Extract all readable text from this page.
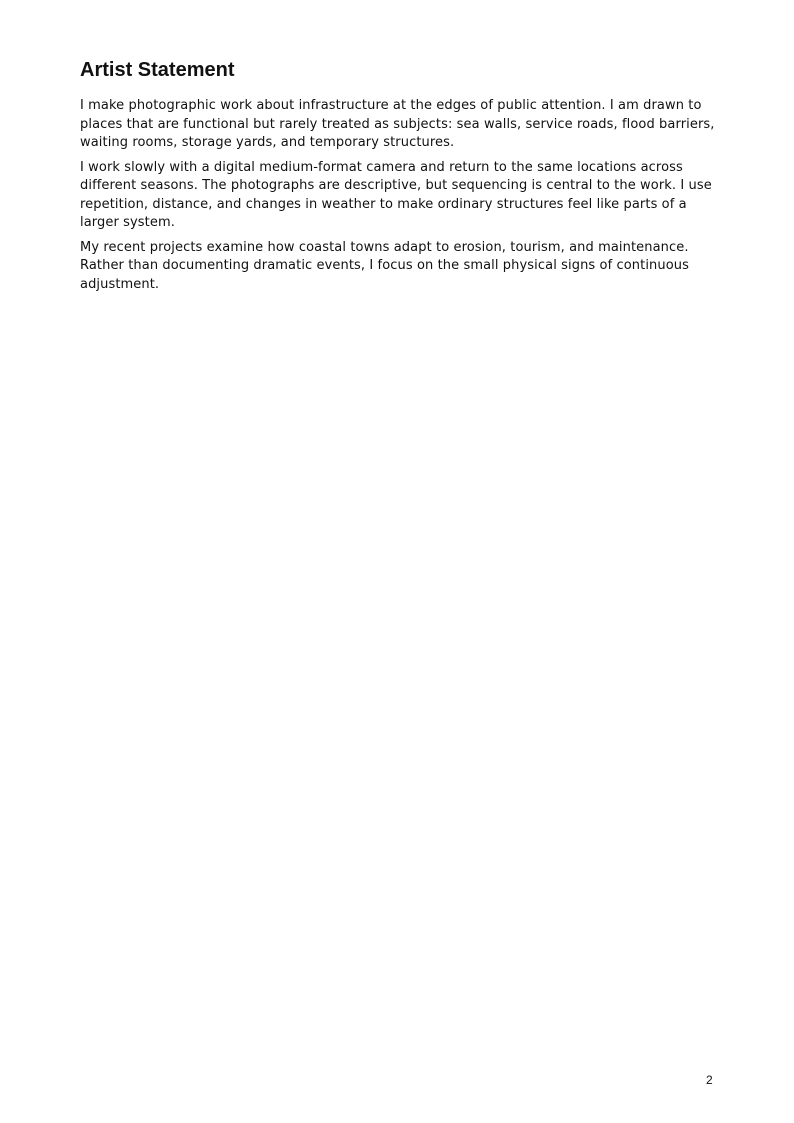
Artist Statement

I make photographic work about infrastructure at the edges of public attention. I am drawn to places that are functional but rarely treated as subjects: sea walls, service roads, flood barriers, waiting rooms, storage yards, and temporary structures.

I work slowly with a digital medium-format camera and return to the same locations across different seasons. The photographs are descriptive, but sequencing is central to the work. I use repetition, distance, and changes in weather to make ordinary structures feel like parts of a larger system.

My recent projects examine how coastal towns adapt to erosion, tourism, and maintenance. Rather than documenting dramatic events, I focus on the small physical signs of continuous adjustment.

2
